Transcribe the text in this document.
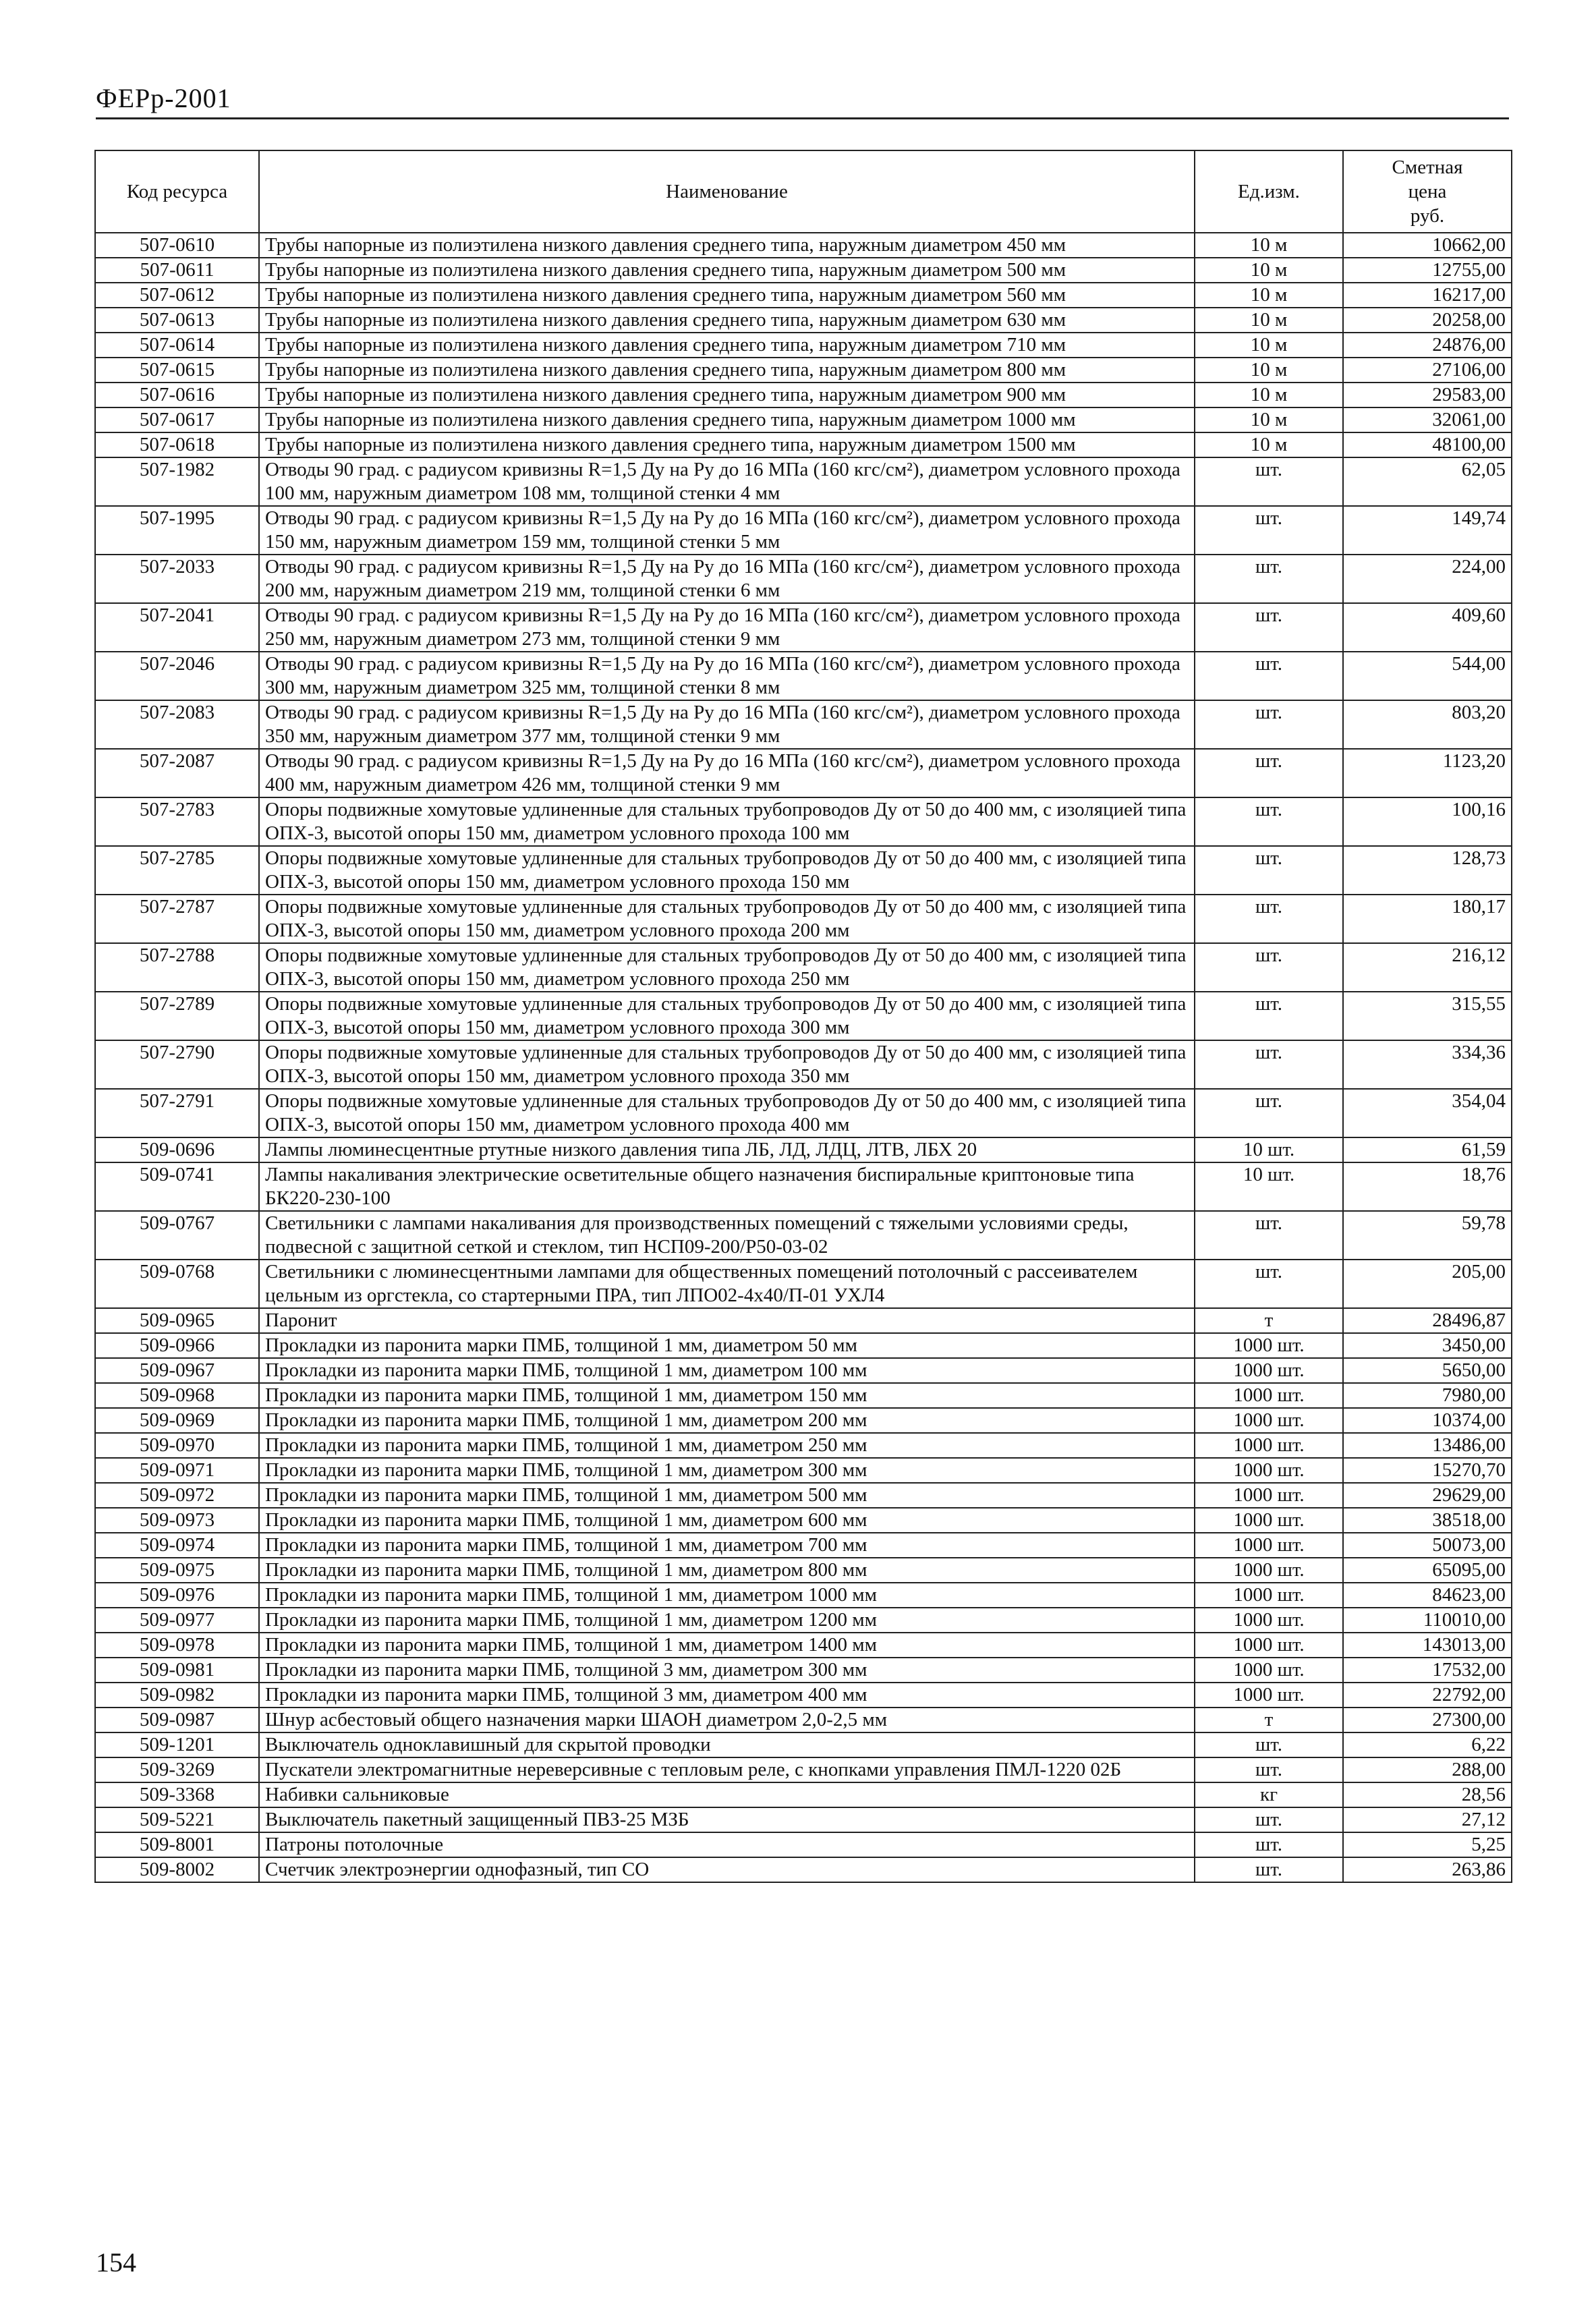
ФЕРр-2001
Код ресурса	Наименование	Ед.изм.	Сметная
цена
руб.

507-0610	Трубы напорные из полиэтилена низкого давления среднего типа, наружным диаметром 450 мм	10 м	10662,00
507-0611	Трубы напорные из полиэтилена низкого давления среднего типа, наружным диаметром 500 мм	10 м	12755,00
507-0612	Трубы напорные из полиэтилена низкого давления среднего типа, наружным диаметром 560 мм	10 м	16217,00
507-0613	Трубы напорные из полиэтилена низкого давления среднего типа, наружным диаметром 630 мм	10 м	20258,00
507-0614	Трубы напорные из полиэтилена низкого давления среднего типа, наружным диаметром 710 мм	10 м	24876,00
507-0615	Трубы напорные из полиэтилена низкого давления среднего типа, наружным диаметром 800 мм	10 м	27106,00
507-0616	Трубы напорные из полиэтилена низкого давления среднего типа, наружным диаметром 900 мм	10 м	29583,00
507-0617	Трубы напорные из полиэтилена низкого давления среднего типа, наружным диаметром 1000 мм	10 м	32061,00
507-0618	Трубы напорные из полиэтилена низкого давления среднего типа, наружным диаметром 1500 мм	10 м	48100,00
507-1982	Отводы 90 град. с радиусом кривизны R=1,5 Ду на Ру до 16 МПа (160 кгс/см²), диаметром условного прохода 100 мм, наружным диаметром 108 мм, толщиной стенки 4 мм	шт.	62,05
507-1995	Отводы 90 град. с радиусом кривизны R=1,5 Ду на Ру до 16 МПа (160 кгс/см²), диаметром условного прохода 150 мм, наружным диаметром 159 мм, толщиной стенки 5 мм	шт.	149,74
507-2033	Отводы 90 град. с радиусом кривизны R=1,5 Ду на Ру до 16 МПа (160 кгс/см²), диаметром условного прохода 200 мм, наружным диаметром 219 мм, толщиной стенки 6 мм	шт.	224,00
507-2041	Отводы 90 град. с радиусом кривизны R=1,5 Ду на Ру до 16 МПа (160 кгс/см²), диаметром условного прохода 250 мм, наружным диаметром 273 мм, толщиной стенки 9 мм	шт.	409,60
507-2046	Отводы 90 град. с радиусом кривизны R=1,5 Ду на Ру до 16 МПа (160 кгс/см²), диаметром условного прохода 300 мм, наружным диаметром 325 мм, толщиной стенки 8 мм	шт.	544,00
507-2083	Отводы 90 град. с радиусом кривизны R=1,5 Ду на Ру до 16 МПа (160 кгс/см²), диаметром условного прохода 350 мм, наружным диаметром 377 мм, толщиной стенки 9 мм	шт.	803,20
507-2087	Отводы 90 град. с радиусом кривизны R=1,5 Ду на Ру до 16 МПа (160 кгс/см²), диаметром условного прохода 400 мм, наружным диаметром 426 мм, толщиной стенки 9 мм	шт.	1123,20
507-2783	Опоры подвижные хомутовые удлиненные для стальных трубопроводов Ду от 50 до 400 мм, с изоляцией типа ОПХ-3, высотой опоры 150 мм, диаметром условного прохода 100 мм	шт.	100,16
507-2785	Опоры подвижные хомутовые удлиненные для стальных трубопроводов Ду от 50 до 400 мм, с изоляцией типа ОПХ-3, высотой опоры 150 мм, диаметром условного прохода 150 мм	шт.	128,73
507-2787	Опоры подвижные хомутовые удлиненные для стальных трубопроводов Ду от 50 до 400 мм, с изоляцией типа ОПХ-3, высотой опоры 150 мм, диаметром условного прохода 200 мм	шт.	180,17
507-2788	Опоры подвижные хомутовые удлиненные для стальных трубопроводов Ду от 50 до 400 мм, с изоляцией типа ОПХ-3, высотой опоры 150 мм, диаметром условного прохода 250 мм	шт.	216,12
507-2789	Опоры подвижные хомутовые удлиненные для стальных трубопроводов Ду от 50 до 400 мм, с изоляцией типа ОПХ-3, высотой опоры 150 мм, диаметром условного прохода 300 мм	шт.	315,55
507-2790	Опоры подвижные хомутовые удлиненные для стальных трубопроводов Ду от 50 до 400 мм, с изоляцией типа ОПХ-3, высотой опоры 150 мм, диаметром условного прохода 350 мм	шт.	334,36
507-2791	Опоры подвижные хомутовые удлиненные для стальных трубопроводов Ду от 50 до 400 мм, с изоляцией типа ОПХ-3, высотой опоры 150 мм, диаметром условного прохода 400 мм	шт.	354,04
509-0696	Лампы люминесцентные ртутные низкого давления типа ЛБ, ЛД, ЛДЦ, ЛТВ, ЛБХ 20	10 шт.	61,59
509-0741	Лампы накаливания электрические осветительные общего назначения биспиральные криптоновые типа БК220-230-100	10 шт.	18,76
509-0767	Светильники с лампами накаливания для производственных помещений с тяжелыми условиями среды, подвесной с защитной сеткой и стеклом, тип НСП09-200/Р50-03-02	шт.	59,78
509-0768	Светильники с люминесцентными лампами для общественных помещений потолочный с рассеивателем цельным из оргстекла, со стартерными ПРА, тип ЛПО02-4х40/П-01 УХЛ4	шт.	205,00
509-0965	Паронит	т	28496,87
509-0966	Прокладки из паронита марки ПМБ, толщиной 1 мм, диаметром 50 мм	1000 шт.	3450,00
509-0967	Прокладки из паронита марки ПМБ, толщиной 1 мм, диаметром 100 мм	1000 шт.	5650,00
509-0968	Прокладки из паронита марки ПМБ, толщиной 1 мм, диаметром 150 мм	1000 шт.	7980,00
509-0969	Прокладки из паронита марки ПМБ, толщиной 1 мм, диаметром 200 мм	1000 шт.	10374,00
509-0970	Прокладки из паронита марки ПМБ, толщиной 1 мм, диаметром 250 мм	1000 шт.	13486,00
509-0971	Прокладки из паронита марки ПМБ, толщиной 1 мм, диаметром 300 мм	1000 шт.	15270,70
509-0972	Прокладки из паронита марки ПМБ, толщиной 1 мм, диаметром 500 мм	1000 шт.	29629,00
509-0973	Прокладки из паронита марки ПМБ, толщиной 1 мм, диаметром 600 мм	1000 шт.	38518,00
509-0974	Прокладки из паронита марки ПМБ, толщиной 1 мм, диаметром 700 мм	1000 шт.	50073,00
509-0975	Прокладки из паронита марки ПМБ, толщиной 1 мм, диаметром 800 мм	1000 шт.	65095,00
509-0976	Прокладки из паронита марки ПМБ, толщиной 1 мм, диаметром 1000 мм	1000 шт.	84623,00
509-0977	Прокладки из паронита марки ПМБ, толщиной 1 мм, диаметром 1200 мм	1000 шт.	110010,00
509-0978	Прокладки из паронита марки ПМБ, толщиной 1 мм, диаметром 1400 мм	1000 шт.	143013,00
509-0981	Прокладки из паронита марки ПМБ, толщиной 3 мм, диаметром 300 мм	1000 шт.	17532,00
509-0982	Прокладки из паронита марки ПМБ, толщиной 3 мм, диаметром 400 мм	1000 шт.	22792,00
509-0987	Шнур асбестовый общего назначения марки ШАОН диаметром 2,0-2,5 мм	т	27300,00
509-1201	Выключатель одноклавишный для скрытой проводки	шт.	6,22
509-3269	Пускатели электромагнитные нереверсивные с тепловым реле, с кнопками управления ПМЛ-1220 02Б	шт.	288,00
509-3368	Набивки сальниковые	кг	28,56
509-5221	Выключатель пакетный защищенный ПВЗ-25 МЗБ	шт.	27,12
509-8001	Патроны потолочные	шт.	5,25
509-8002	Счетчик электроэнергии однофазный, тип СО	шт.	263,86
154
